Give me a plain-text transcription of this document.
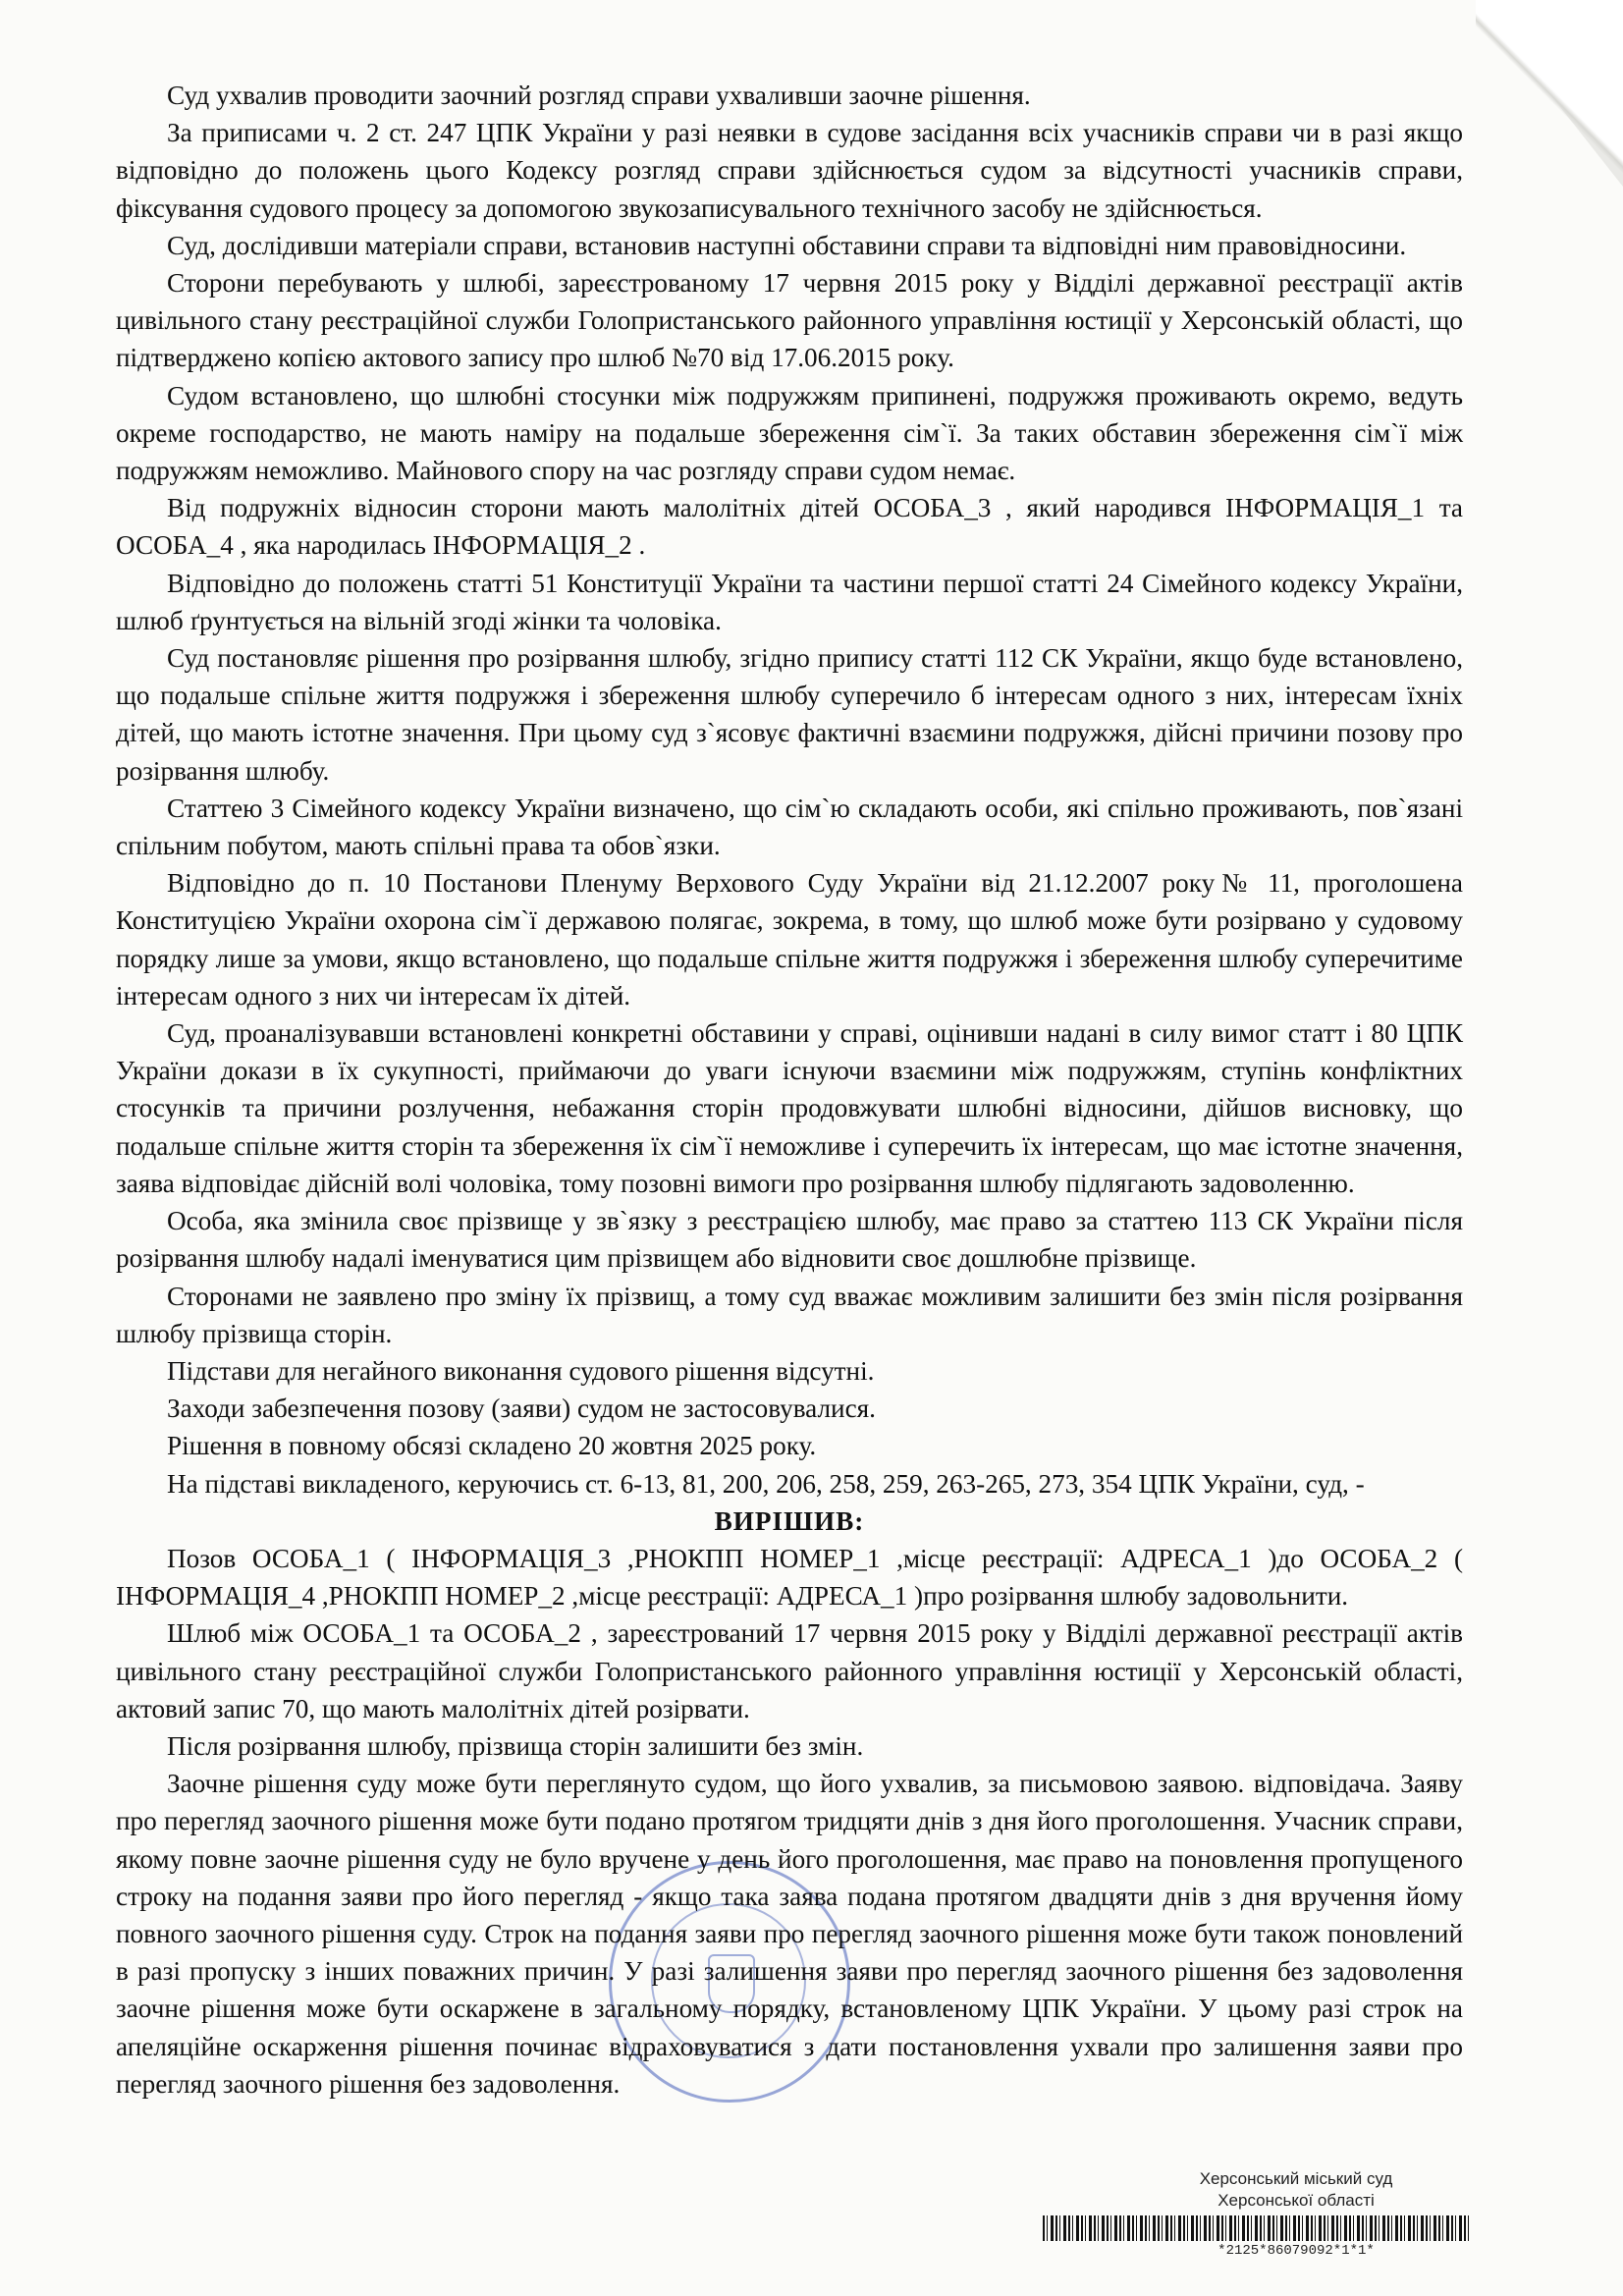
Суд ухвалив проводити заочний розгляд справи ухваливши заочне рішення.

За приписами ч. 2 ст. 247 ЦПК України у разі неявки в судове засідання всіх учасників справи чи в разі якщо відповідно до положень цього Кодексу розгляд справи здійснюється судом за відсутності учасників справи, фіксування судового процесу за допомогою звукозаписувального технічного засобу не здійснюється.

Суд, дослідивши матеріали справи, встановив наступні обставини справи та відповідні ним правовідносини.

Сторони перебувають у шлюбі, зареєстрованому 17 червня 2015 року у Відділі державної реєстрації актів цивільного стану реєстраційної служби Голопристанського районного управління юстиції у Херсонській області, що підтверджено копією актового запису про шлюб №70 від 17.06.2015 року.

Судом встановлено, що шлюбні стосунки між подружжям припинені, подружжя проживають окремо, ведуть окреме господарство, не мають наміру на подальше збереження сім`ї. За таких обставин збереження сім`ї між подружжям неможливо. Майнового спору на час розгляду справи судом немає.

Від подружніх відносин сторони мають малолітніх дітей ОСОБА_3 , який народився ІНФОРМАЦІЯ_1 та ОСОБА_4 , яка народилась ІНФОРМАЦІЯ_2 .

Відповідно до положень статті 51 Конституції України та частини першої статті 24 Сімейного кодексу України, шлюб ґрунтується на вільній згоді жінки та чоловіка.

Суд постановляє рішення про розірвання шлюбу, згідно припису статті 112 СК України, якщо буде встановлено, що подальше спільне життя подружжя і збереження шлюбу суперечило б інтересам одного з них, інтересам їхніх дітей, що мають істотне значення. При цьому суд з`ясовує фактичні взаємини подружжя, дійсні причини позову про розірвання шлюбу.

Статтею 3 Сімейного кодексу України визначено, що сім`ю складають особи, які спільно проживають, пов`язані спільним побутом, мають спільні права та обов`язки.

Відповідно до п. 10 Постанови Пленуму Верхового Суду України від 21.12.2007 року№ 11, проголошена Конституцією України охорона сім`ї державою полягає, зокрема, в тому, що шлюб може бути розірвано у судовому порядку лише за умови, якщо встановлено, що подальше спільне життя подружжя і збереження шлюбу суперечитиме інтересам одного з них чи інтересам їх дітей.

Суд, проаналізувавши встановлені конкретні обставини у справі, оцінивши надані в силу вимог статт і 80 ЦПК України докази в їх сукупності, приймаючи до уваги існуючи взаємини між подружжям, ступінь конфліктних стосунків та причини розлучення, небажання сторін продовжувати шлюбні відносини, дійшов висновку, що подальше спільне життя сторін та збереження їх сім`ї неможливе і суперечить їх інтересам, що має істотне значення, заява відповідає дійсній волі чоловіка, тому позовні вимоги про розірвання шлюбу підлягають задоволенню.

Особа, яка змінила своє прізвище у зв`язку з реєстрацією шлюбу, має право за статтею 113 СК України після розірвання шлюбу надалі іменуватися цим прізвищем або відновити своє дошлюбне прізвище.

Сторонами не заявлено про зміну їх прізвищ, а тому суд вважає можливим залишити без змін після розірвання шлюбу прізвища сторін.

Підстави для негайного виконання судового рішення відсутні.

Заходи забезпечення позову (заяви) судом не застосовувалися.

Рішення в повному обсязі складено 20 жовтня 2025 року.

На підставі викладеного, керуючись ст. 6-13, 81, 200, 206, 258, 259, 263-265, 273, 354 ЦПК України, суд, -

ВИРІШИВ:

Позов ОСОБА_1 ( ІНФОРМАЦІЯ_3 ,РНОКПП НОМЕР_1 ,місце реєстрації: АДРЕСА_1 )до ОСОБА_2 ( ІНФОРМАЦІЯ_4 ,РНОКПП НОМЕР_2 ,місце реєстрації: АДРЕСА_1 )про розірвання шлюбу задовольнити.

Шлюб між ОСОБА_1 та ОСОБА_2 , зареєстрований 17 червня 2015 року у Відділі державної реєстрації актів цивільного стану реєстраційної служби Голопристанського районного управління юстиції у Херсонській області, актовий запис 70, що мають малолітніх дітей розірвати.

Після розірвання шлюбу, прізвища сторін залишити без змін.

Заочне рішення суду може бути переглянуто судом, що його ухвалив, за письмовою заявою. відповідача. Заяву про перегляд заочного рішення може бути подано протягом тридцяти днів з дня його проголошення. Учасник справи, якому повне заочне рішення суду не було вручене у день його проголошення, має право на поновлення пропущеного строку на подання заяви про його перегляд - якщо така заява подана протягом двадцяти днів з дня вручення йому повного заочного рішення суду. Строк на подання заяви про перегляд заочного рішення може бути також поновлений в разі пропуску з інших поважних причин. У разі залишення заяви про перегляд заочного рішення без задоволення заочне рішення може бути оскаржене в загальному порядку, встановленому ЦПК України. У цьому разі строк на апеляційне оскарження рішення починає відраховуватися з дати постановлення ухвали про залишення заяви про перегляд заочного рішення без задоволення.

Херсонський міський суд
Херсонської області
*2125*86079092*1*1*
